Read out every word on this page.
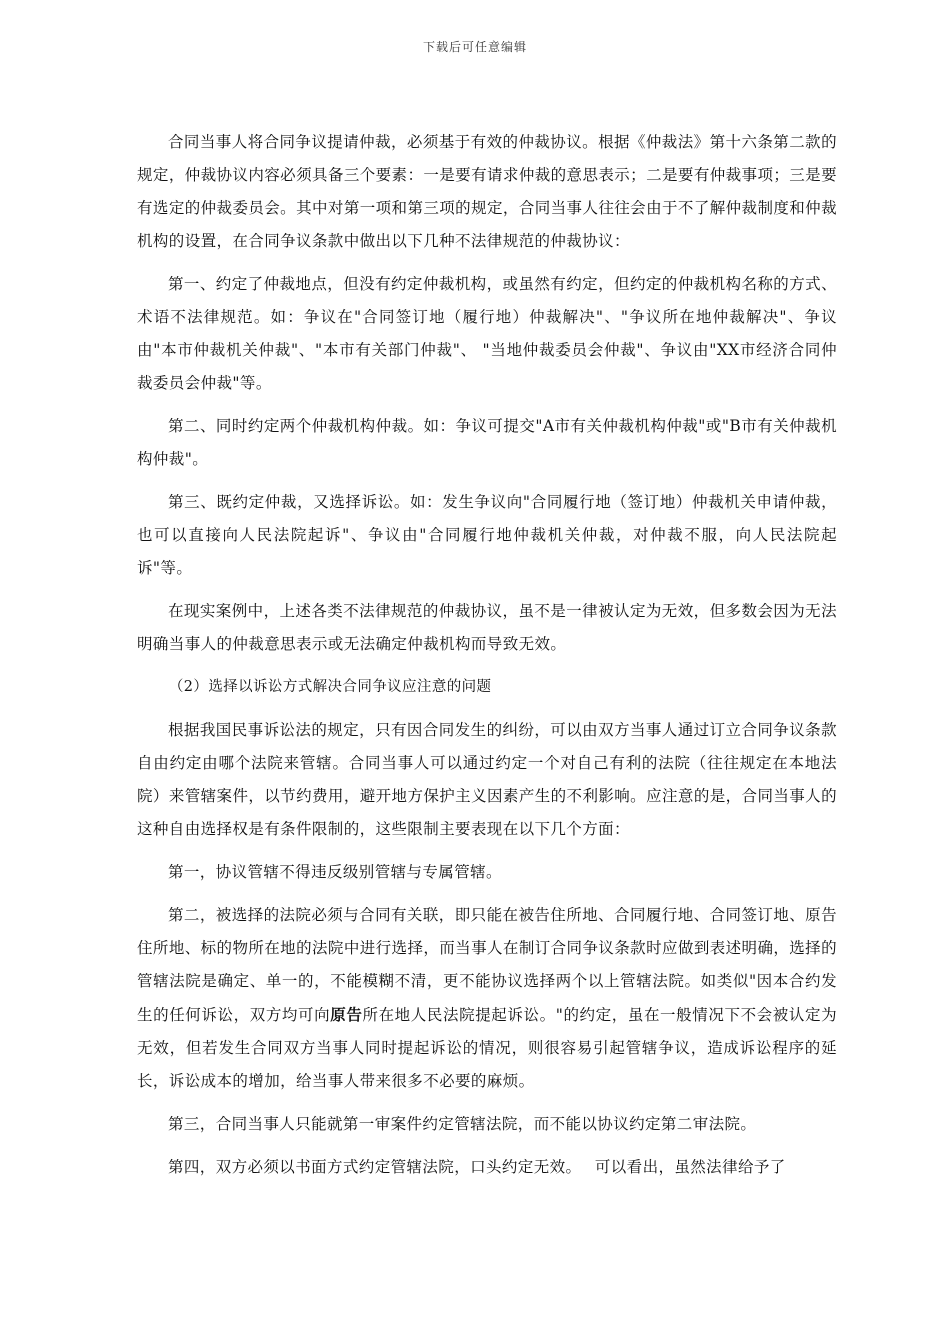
下载后可任意编辑

合同当事人将合同争议提请仲裁，必须基于有效的仲裁协议。根据《仲裁法》第十六条第二款的规定，仲裁协议内容必须具备三个要素：一是要有请求仲裁的意思表示；二是要有仲裁事项；三是要有选定的仲裁委员会。其中对第一项和第三项的规定，合同当事人往往会由于不了解仲裁制度和仲裁机构的设置，在合同争议条款中做出以下几种不法律规范的仲裁协议：

第一、约定了仲裁地点，但没有约定仲裁机构，或虽然有约定，但约定的仲裁机构名称的方式、术语不法律规范。如：争议在"合同签订地（履行地）仲裁解决"、"争议所在地仲裁解决"、争议由"本市仲裁机关仲裁"、"本市有关部门仲裁"、 "当地仲裁委员会仲裁"、争议由"XX市经济合同仲裁委员会仲裁"等。

第二、同时约定两个仲裁机构仲裁。如：争议可提交"A市有关仲裁机构仲裁"或"B市有关仲裁机构仲裁"。

第三、既约定仲裁，又选择诉讼。如：发生争议向"合同履行地（签订地）仲裁机关申请仲裁，也可以直接向人民法院起诉"、争议由"合同履行地仲裁机关仲裁，对仲裁不服，向人民法院起诉"等。

在现实案例中，上述各类不法律规范的仲裁协议，虽不是一律被认定为无效，但多数会因为无法明确当事人的仲裁意思表示或无法确定仲裁机构而导致无效。

（2）选择以诉讼方式解决合同争议应注意的问题

根据我国民事诉讼法的规定，只有因合同发生的纠纷，可以由双方当事人通过订立合同争议条款自由约定由哪个法院来管辖。合同当事人可以通过约定一个对自己有利的法院（往往规定在本地法院）来管辖案件，以节约费用，避开地方保护主义因素产生的不利影响。应注意的是，合同当事人的这种自由选择权是有条件限制的，这些限制主要表现在以下几个方面：

第一，协议管辖不得违反级别管辖与专属管辖。

第二，被选择的法院必须与合同有关联，即只能在被告住所地、合同履行地、合同签订地、原告住所地、标的物所在地的法院中进行选择，而当事人在制订合同争议条款时应做到表述明确，选择的管辖法院是确定、单一的，不能模糊不清，更不能协议选择两个以上管辖法院。如类似"因本合约发生的任何诉讼，双方均可向原告所在地人民法院提起诉讼。"的约定，虽在一般情况下不会被认定为无效，但若发生合同双方当事人同时提起诉讼的情况，则很容易引起管辖争议，造成诉讼程序的延长，诉讼成本的增加，给当事人带来很多不必要的麻烦。

第三，合同当事人只能就第一审案件约定管辖法院，而不能以协议约定第二审法院。

第四，双方必须以书面方式约定管辖法院，口头约定无效。　 可以看出，虽然法律给予了
